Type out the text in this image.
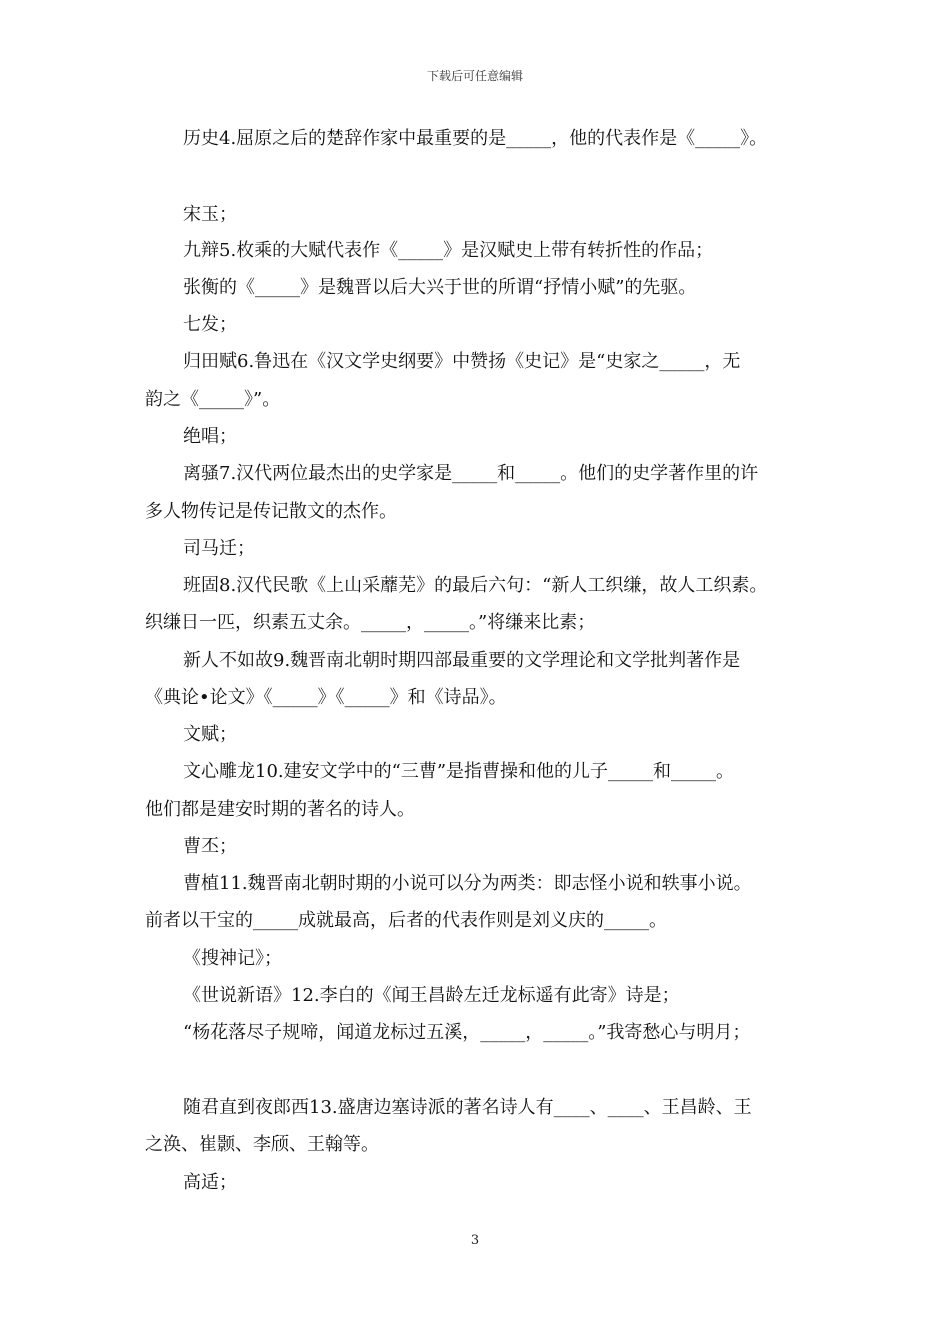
下载后可任意编辑
历史4.屈原之后的楚辞作家中最重要的是_____，他的代表作是《_____》。
宋玉；
九辩5.枚乘的大赋代表作《_____》是汉赋史上带有转折性的作品；
张衡的《_____》是魏晋以后大兴于世的所谓“抒情小赋”的先驱。
七发；
归田赋6.鲁迅在《汉文学史纲要》中赞扬《史记》是“史家之_____，无
韵之《_____》”。
绝唱；
离骚7.汉代两位最杰出的史学家是_____和_____。他们的史学著作里的许
多人物传记是传记散文的杰作。
司马迁；
班固8.汉代民歌《上山采蘼芜》的最后六句：“新人工织缣，故人工织素。
织缣日一匹，织素五丈余。_____，_____。”将缣来比素；
新人不如故9.魏晋南北朝时期四部最重要的文学理论和文学批判著作是
《典论•论文》《_____》《_____》和《诗品》。
文赋；
文心雕龙10.建安文学中的“三曹”是指曹操和他的儿子_____和_____。
他们都是建安时期的著名的诗人。
曹丕；
曹植11.魏晋南北朝时期的小说可以分为两类：即志怪小说和轶事小说。
前者以干宝的_____成就最高，后者的代表作则是刘义庆的_____。
《搜神记》；
《世说新语》12.李白的《闻王昌龄左迁龙标遥有此寄》诗是；
“杨花落尽子规啼，闻道龙标过五溪，_____，_____。”我寄愁心与明月；
随君直到夜郎西13.盛唐边塞诗派的著名诗人有____、____、王昌龄、王
之涣、崔颢、李颀、王翰等。
高适；
3
